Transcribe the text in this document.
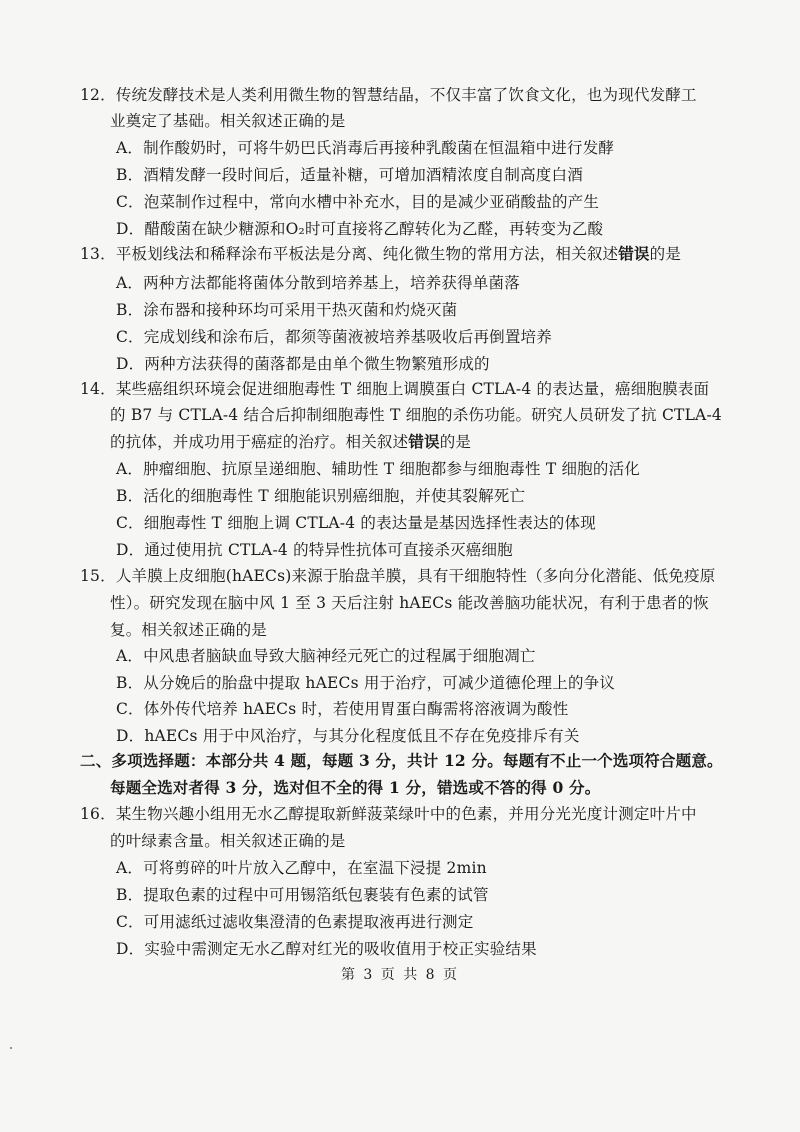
12．传统发酵技术是人类利用微生物的智慧结晶，不仅丰富了饮食文化，也为现代发酵工
业奠定了基础。相关叙述正确的是
A．制作酸奶时，可将牛奶巴氏消毒后再接种乳酸菌在恒温箱中进行发酵
B．酒精发酵一段时间后，适量补糖，可增加酒精浓度自制高度白酒
C．泡菜制作过程中，常向水槽中补充水，目的是减少亚硝酸盐的产生
D．醋酸菌在缺少糖源和O₂时可直接将乙醇转化为乙醛，再转变为乙酸
13．平板划线法和稀释涂布平板法是分离、纯化微生物的常用方法，相关叙述错误的是
A．两种方法都能将菌体分散到培养基上，培养获得单菌落
B．涂布器和接种环均可采用干热灭菌和灼烧灭菌
C．完成划线和涂布后，都须等菌液被培养基吸收后再倒置培养
D．两种方法获得的菌落都是由单个微生物繁殖形成的
14．某些癌组织环境会促进细胞毒性 T 细胞上调膜蛋白 CTLA-4 的表达量，癌细胞膜表面
的 B7 与 CTLA-4 结合后抑制细胞毒性 T 细胞的杀伤功能。研究人员研发了抗 CTLA-4
的抗体，并成功用于癌症的治疗。相关叙述错误的是
A．肿瘤细胞、抗原呈递细胞、辅助性 T 细胞都参与细胞毒性 T 细胞的活化
B．活化的细胞毒性 T 细胞能识别癌细胞，并使其裂解死亡
C．细胞毒性 T 细胞上调 CTLA-4 的表达量是基因选择性表达的体现
D．通过使用抗 CTLA-4 的特异性抗体可直接杀灭癌细胞
15．人羊膜上皮细胞(hAECs)来源于胎盘羊膜，具有干细胞特性（多向分化潜能、低免疫原
性）。研究发现在脑中风 1 至 3 天后注射 hAECs 能改善脑功能状况，有利于患者的恢
复。相关叙述正确的是
A．中风患者脑缺血导致大脑神经元死亡的过程属于细胞凋亡
B．从分娩后的胎盘中提取 hAECs 用于治疗，可减少道德伦理上的争议
C．体外传代培养 hAECs 时，若使用胃蛋白酶需将溶液调为酸性
D．hAECs 用于中风治疗，与其分化程度低且不存在免疫排斥有关
二、多项选择题：本部分共 4 题，每题 3 分，共计 12 分。每题有不止一个选项符合题意。
每题全选对者得 3 分，选对但不全的得 1 分，错选或不答的得 0 分。
16．某生物兴趣小组用无水乙醇提取新鲜菠菜绿叶中的色素，并用分光光度计测定叶片中
的叶绿素含量。相关叙述正确的是
A．可将剪碎的叶片放入乙醇中，在室温下浸提 2min
B．提取色素的过程中可用锡箔纸包裹装有色素的试管
C．可用滤纸过滤收集澄清的色素提取液再进行测定
D．实验中需测定无水乙醇对红光的吸收值用于校正实验结果
第 3 页 共 8 页
